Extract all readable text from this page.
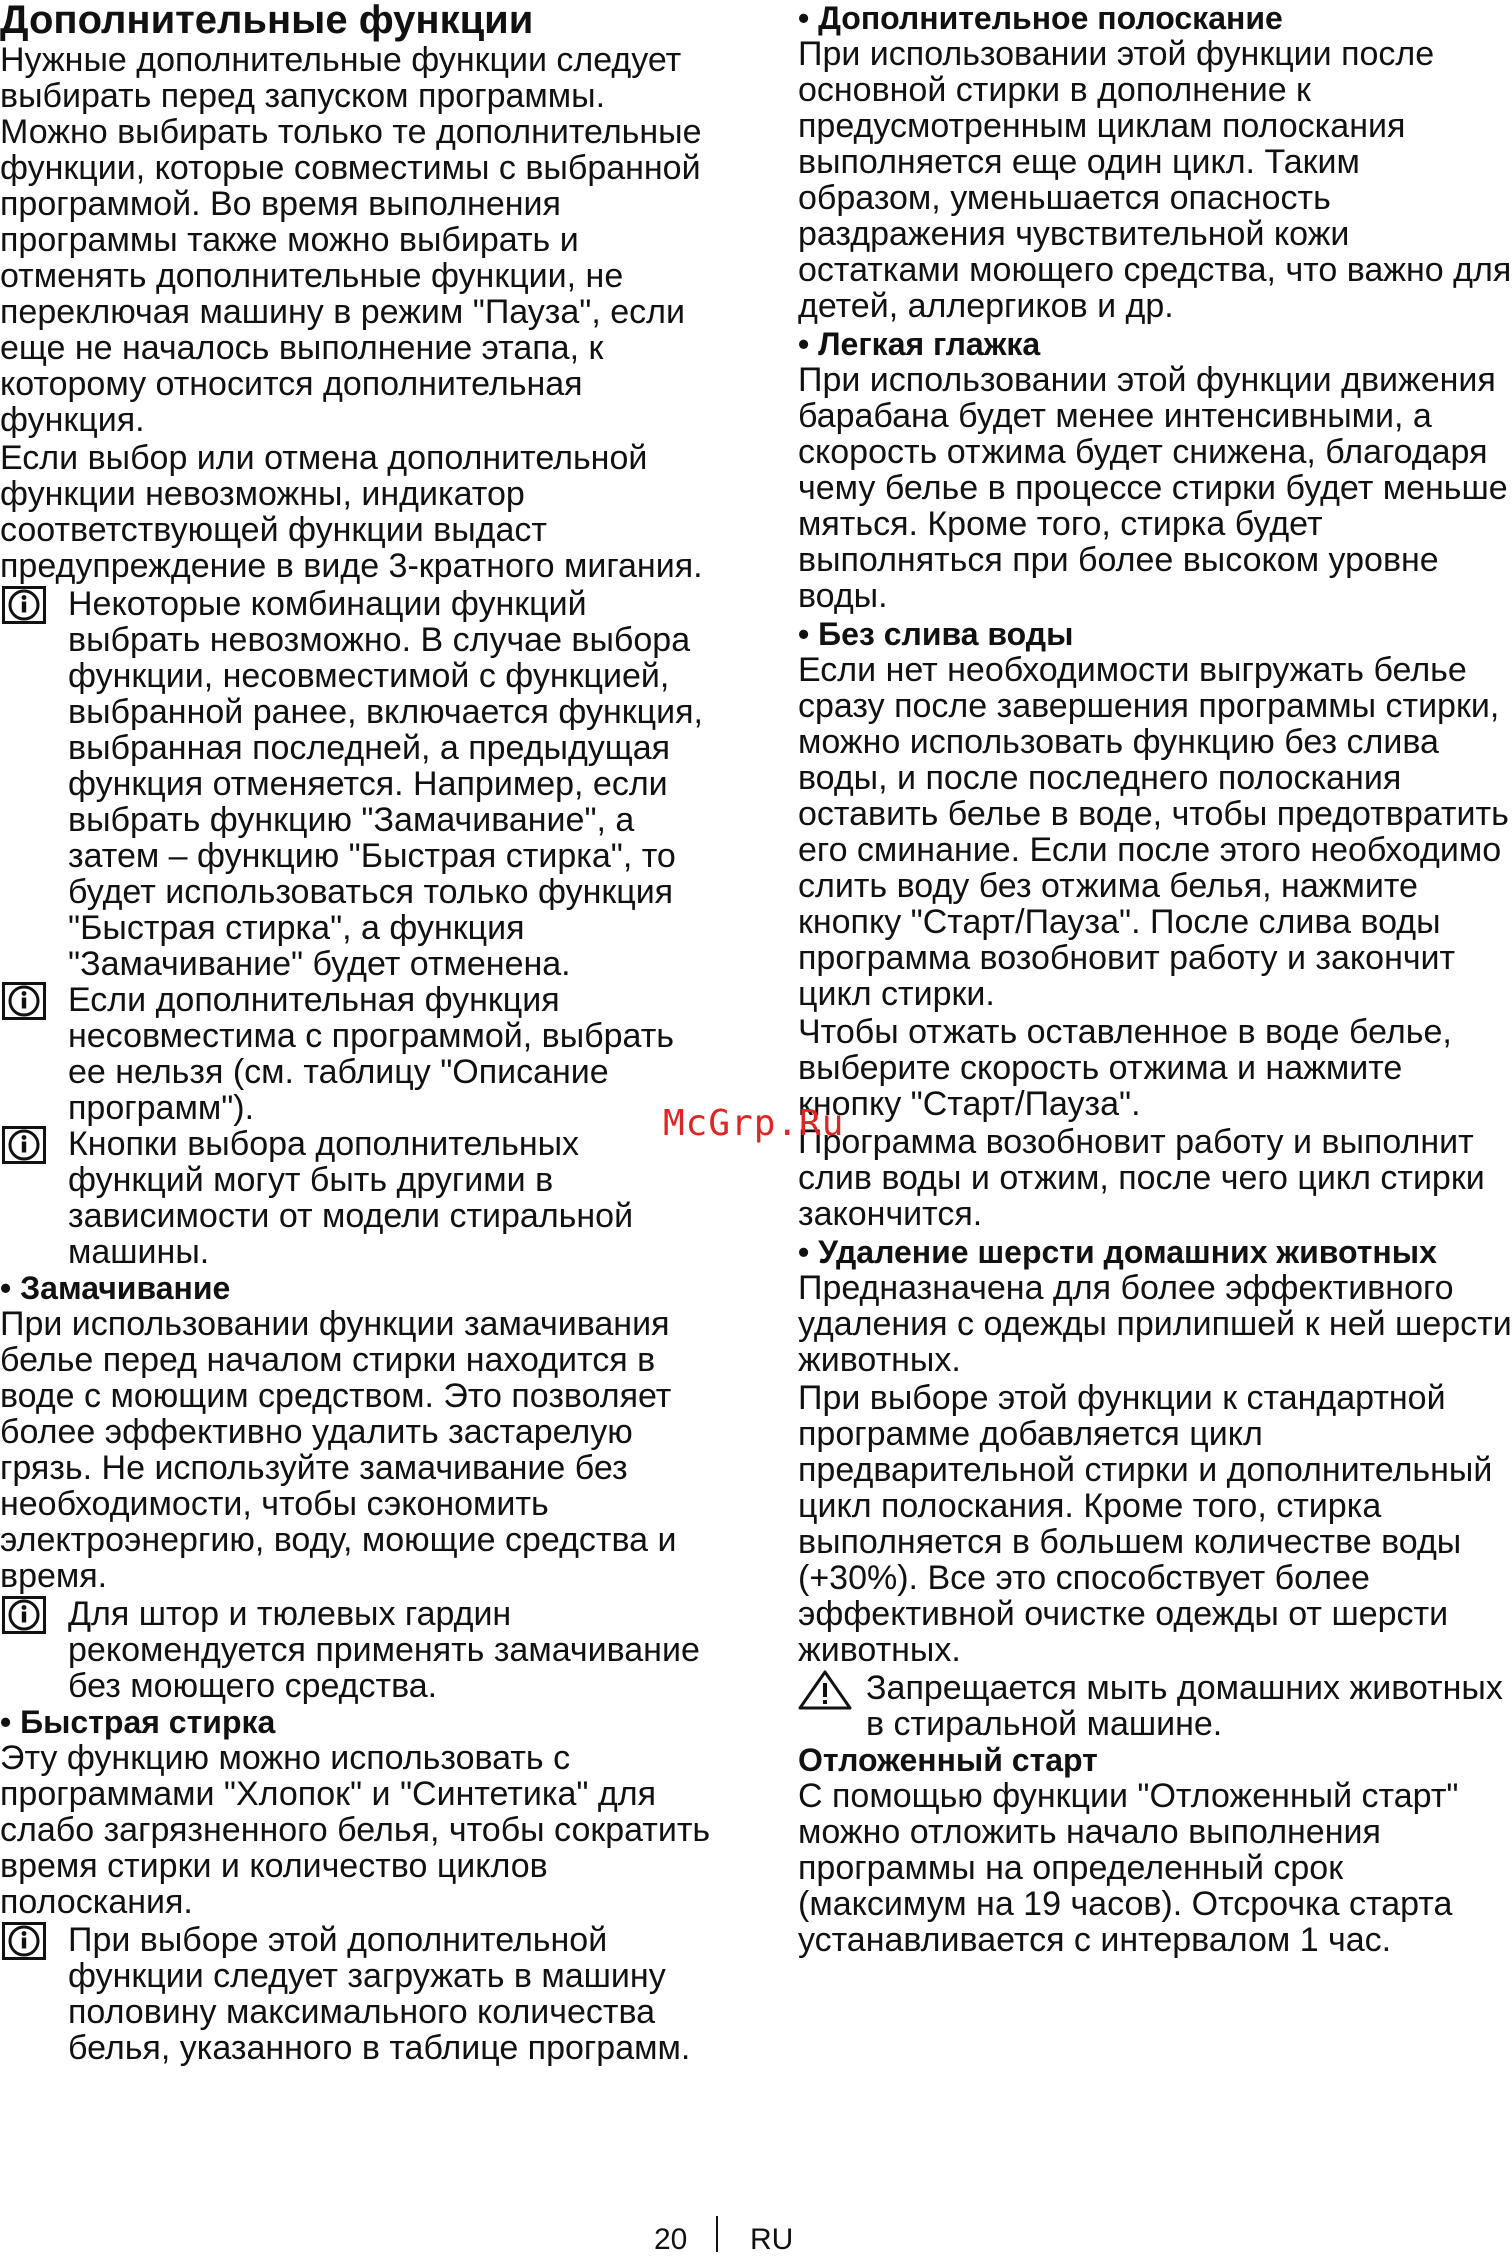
Дополнительные функции

Нужные дополнительные функции следует выбирать перед запуском программы. Можно выбирать только те дополнительные функции, которые совместимы с выбранной программой. Во время выполнения программы также можно выбирать и отменять дополнительные функции, не переключая машину в режим "Пауза", если еще не началось выполнение этапа, к которому относится дополнительная функция.

Если выбор или отмена дополнительной функции невозможны, индикатор соответствующей функции выдаст предупреждение в виде 3-кратного мигания.

Некоторые комбинации функций выбрать невозможно. В случае выбора функции, несовместимой с функцией, выбранной ранее, включается функция, выбранная последней, а предыдущая функция отменяется. Например, если выбрать функцию "Замачивание", а затем – функцию "Быстрая стирка", то будет использоваться только функция "Быстрая стирка", а функция "Замачивание" будет отменена.
Если дополнительная функция несовместима с программой, выбрать ее нельзя (см. таблицу "Описание программ").
Кнопки выбора дополнительных функций могут быть другими в зависимости от модели стиральной машины.
• Замачивание

При использовании функции замачивания белье перед началом стирки находится в воде с моющим средством. Это позволяет более эффективно удалить застарелую грязь. Не используйте замачивание без необходимости, чтобы сэкономить электроэнергию, воду, моющие средства и время.

Для штор и тюлевых гардин рекомендуется применять замачивание без моющего средства.
• Быстрая стирка

Эту функцию можно использовать с программами "Хлопок" и "Синтетика" для слабо загрязненного белья, чтобы сократить время стирки и количество циклов полоскания.

При выборе этой дополнительной функции следует загружать в машину половину максимального количества белья, указанного в таблице программ.
• Дополнительное полоскание

При использовании этой функции после основной стирки в дополнение к предусмотренным циклам полоскания выполняется еще один цикл. Таким образом, уменьшается опасность раздражения чувствительной кожи остатками моющего средства, что важно для детей, аллергиков и др.

• Легкая глажка

При использовании этой функции движения барабана будет менее интенсивными, а скорость отжима будет снижена, благодаря чему белье в процессе стирки будет меньше мяться. Кроме того, стирка будет выполняться при более высоком уровне воды.

• Без слива воды

Если нет необходимости выгружать белье сразу после завершения программы стирки, можно использовать функцию без слива воды, и после последнего полоскания оставить белье в воде, чтобы предотвратить его сминание. Если после этого необходимо слить воду без отжима белья, нажмите кнопку "Старт/Пауза". После слива воды программа возобновит работу и закончит цикл стирки.

Чтобы отжать оставленное в воде белье, выберите скорость отжима и нажмите кнопку "Старт/Пауза".

Программа возобновит работу и выполнит слив воды и отжим, после чего цикл стирки закончится.

• Удаление шерсти домашних животных

Предназначена для более эффективного удаления с одежды прилипшей к ней шерсти животных.

При выборе этой функции к стандартной программе добавляется цикл предварительной стирки и дополнительный цикл полоскания. Кроме того, стирка выполняется в большем количестве воды (+30%). Все это способствует более эффективной очистке одежды от шерсти животных.

Запрещается мыть домашних животных в стиральной машине.
Отложенный старт

С помощью функции "Отложенный старт" можно отложить начало выполнения программы на определенный срок (максимум на 19 часов). Отсрочка старта устанавливается с интервалом 1 час.

McGrp.Ru
20 RU
